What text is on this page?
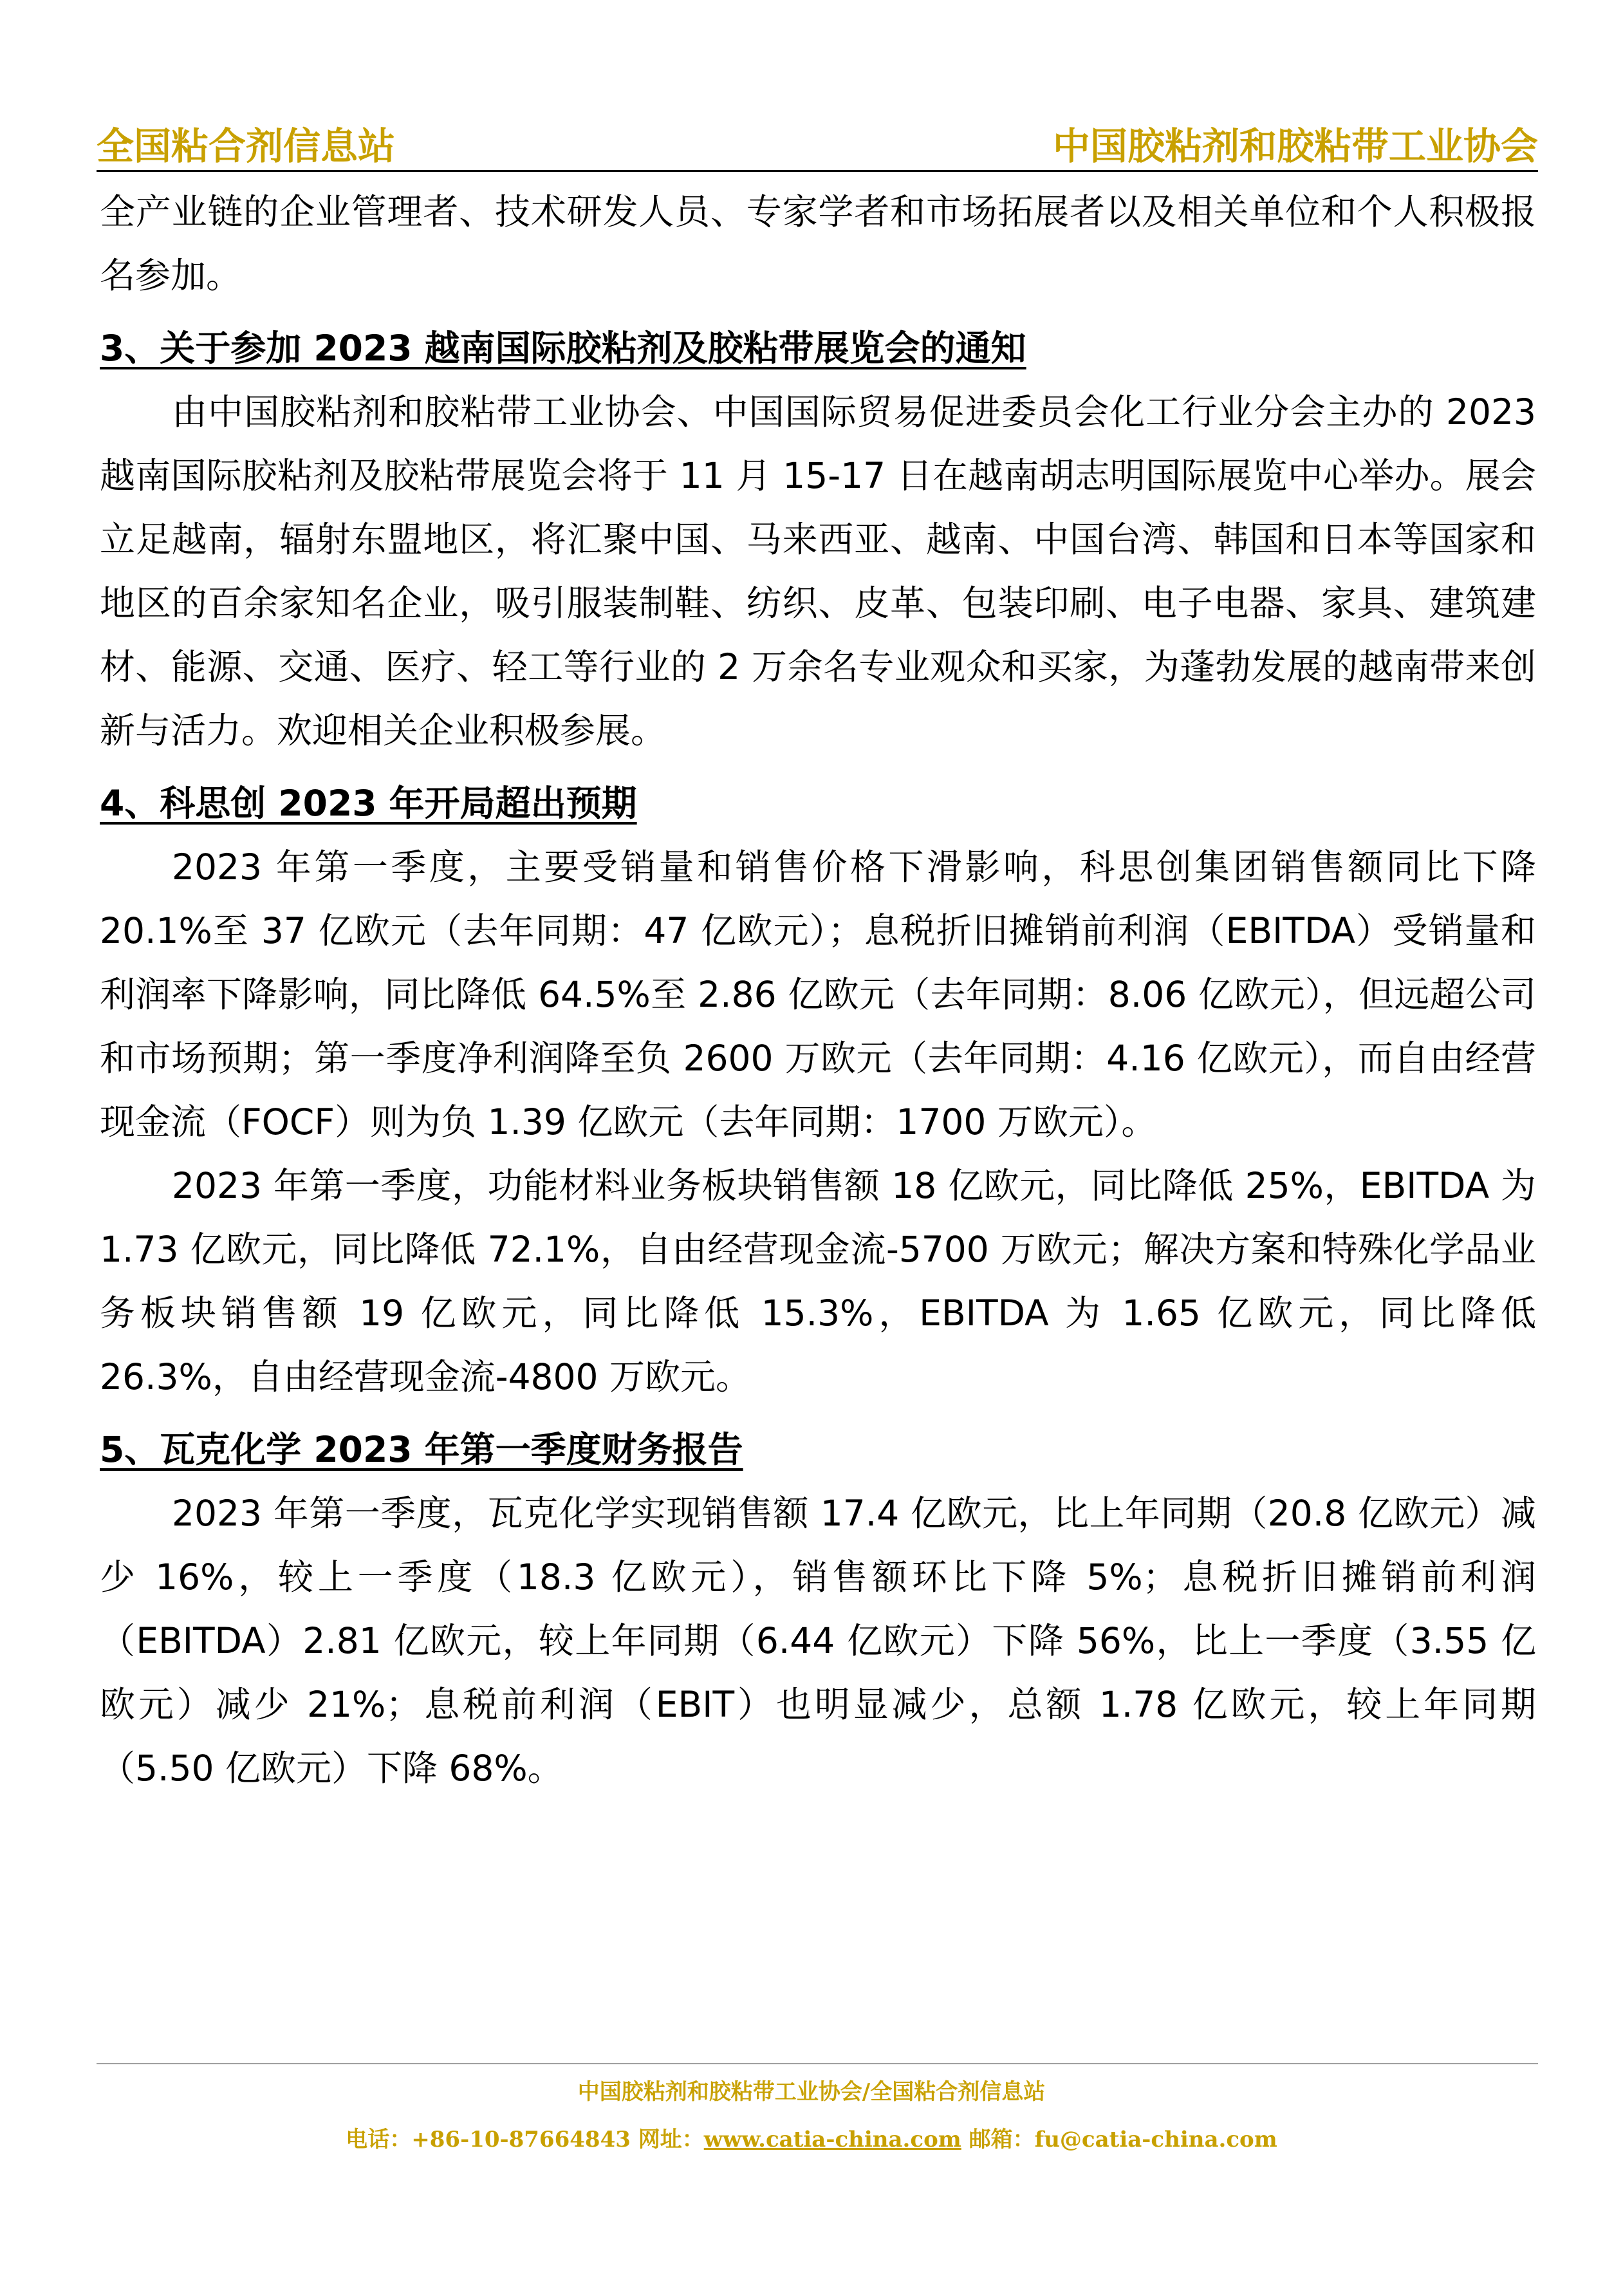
全国粘合剂信息站	中国胶粘剂和胶粘带工业协会

全产业链的企业管理者、技术研发人员、专家学者和市场拓展者以及相关单位和个人积极报名参加。

3、关于参加 2023 越南国际胶粘剂及胶粘带展览会的通知

由中国胶粘剂和胶粘带工业协会、中国国际贸易促进委员会化工行业分会主办的 2023 越南国际胶粘剂及胶粘带展览会将于 11 月 15-17 日在越南胡志明国际展览中心举办。展会立足越南，辐射东盟地区，将汇聚中国、马来西亚、越南、中国台湾、韩国和日本等国家和地区的百余家知名企业，吸引服装制鞋、纺织、皮革、包装印刷、电子电器、家具、建筑建材、能源、交通、医疗、轻工等行业的 2 万余名专业观众和买家，为蓬勃发展的越南带来创新与活力。欢迎相关企业积极参展。

4、科思创 2023 年开局超出预期

2023 年第一季度，主要受销量和销售价格下滑影响，科思创集团销售额同比下降 20.1%至 37 亿欧元（去年同期：47 亿欧元）；息税折旧摊销前利润（EBITDA）受销量和利润率下降影响，同比降低 64.5%至 2.86 亿欧元（去年同期：8.06 亿欧元），但远超公司和市场预期；第一季度净利润降至负 2600 万欧元（去年同期：4.16 亿欧元），而自由经营现金流（FOCF）则为负 1.39 亿欧元（去年同期：1700 万欧元）。

2023 年第一季度，功能材料业务板块销售额 18 亿欧元，同比降低 25%，EBITDA 为 1.73 亿欧元，同比降低 72.1%，自由经营现金流-5700 万欧元；解决方案和特殊化学品业务板块销售额 19 亿欧元，同比降低 15.3%，EBITDA 为 1.65 亿欧元，同比降低 26.3%，自由经营现金流-4800 万欧元。

5、瓦克化学 2023 年第一季度财务报告

2023 年第一季度，瓦克化学实现销售额 17.4 亿欧元，比上年同期（20.8 亿欧元）减少 16%，较上一季度（18.3 亿欧元），销售额环比下降 5%；息税折旧摊销前利润（EBITDA）2.81 亿欧元，较上年同期（6.44 亿欧元）下降 56%，比上一季度（3.55 亿欧元）减少 21%；息税前利润（EBIT）也明显减少，总额 1.78 亿欧元，较上年同期（5.50 亿欧元）下降 68%。

中国胶粘剂和胶粘带工业协会/全国粘合剂信息站
电话：+86-10-87664843 网址：www.catia-china.com 邮箱：fu@catia-china.com
